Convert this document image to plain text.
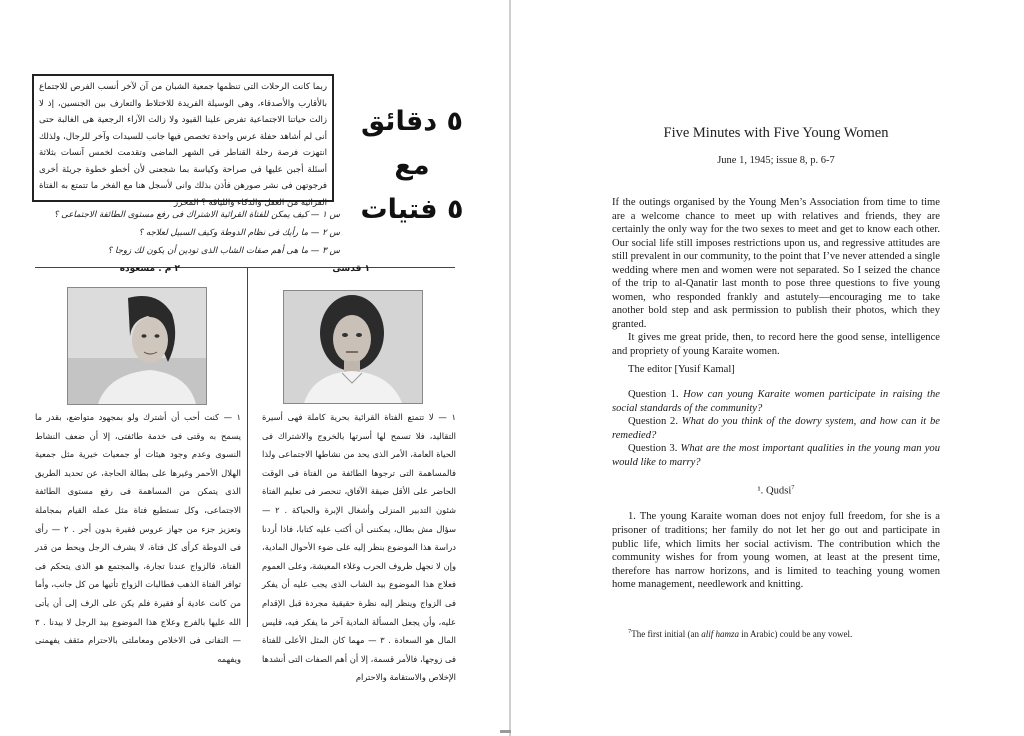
ربما كانت الرحلات التى تنظمها جمعية الشبان من آن لآخر أنسب الفرص للاجتماع بالأقارب والأصدقاء، وهى الوسيلة الفريدة للاختلاط والتعارف بين الجنسين، إذ لا زالت حياتنا الاجتماعية تفرض علينا القيود ولا زالت الآراء الرجعية هى الغالبة حتى أنى لم أشاهد حفلة عرس واحدة تخصص فيها جانب للسيدات وآخر للرجال، ولذلك انتهزت فرصة رحلة القناطر فى الشهر الماضى وتقدمت لخمس آنسات بثلاثة أسئلة أجبن عليها فى صراحة وكياسة بما شجعنى لأن أخطو خطوة جريئة أخرى فرجوتهن فى نشر صورهن فأذن بذلك وانى لأسجل هنا مع الفخر ما تتمتع به الفتاة القرائية من العقل والذكاء واللياقة ؟ المحرر

٥ دقائق
مع
٥ فتيات
س ١ — كيف يمكن للفتاة القرائية الاشتراك فى رفع مستوى الطائفة الاجتماعى ؟
س ٢ — ما رأيك فى نظام الدوطة وكيف السبيل لعلاجه ؟
س ٣ — ما هى أهم صفات الشاب الذى تودين أن يكون لك زوجا ؟
١ قدسى
٢ م . مسعوده

١ — لا تتمتع الفتاة القرائية بحرية كاملة فهى أسيرة التقاليد، فلا تسمح لها أسرتها بالخروج والاشتراك فى الحياة العامة، الأمر الذى يحد من نشاطها الاجتماعى ولذا فالمساهمة التى ترجوها الطائفة من الفتاة فى الوقت الحاضر على الأقل ضيقة الآفاق، تنحصر فى تعليم الفتاة شئون التدبير المنزلى وأشغال الإبرة والحياكة . ٢ — سؤال مش بطال، يمكننى أن أكتب عليه كتابا، فاذا أردنا دراسة هذا الموضوع بنظر إليه على ضوء الأحوال المادية، وإن لا نجهل ظروف الحرب وغلاء المعيشة، وعلى العموم فعلاج هذا الموضوع بيد الشاب الذى يجب عليه أن يفكر فى الزواج وينظر إليه نظرة حقيقية مجردة قبل الإقدام عليه، وأن يجعل المسألة المادية آخر ما يفكر فيه، فليس المال هو السعادة . ٣ — مهما كان المثل الأعلى للفتاة فى زوجها، فالأمر قسمة، إلا أن أهم الصفات التى أنشدها الإخلاص والاستقامة والاحترام

١ — كنت أحب أن أشترك ولو بمجهود متواضع، بقدر ما يسمح به وقتى فى خدمة طائفتى، إلا أن ضعف النشاط النسوى وعدم وجود هيئات أو جمعيات خيرية مثل جمعية الهلال الأحمر وغيرها على بطالة الحاجة، عن تحديد الطريق الذى يتمكن من المساهمة فى رفع مستوى الطائفة الاجتماعى، وكل تستطيع فتاة مثل عمله القيام بمجاملة وتعزيز جزء من جهاز عروس فقيرة بدون أجر . ٢ — رأى فى الدوطة كرأى كل فتاة، لا يشرف الرجل ويحط من قدر الفتاة، فالزواج عندنا تجارة، والمجتمع هو الذى يتحكم فى توافر الفتاة الذهب فطالبات الزواج تأتيها من كل جانب، وأما من كانت عادية أو فقيرة فلم يكن على الرف إلى أن يأتى الله عليها بالفرج وعلاج هذا الموضوع بيد الرجل لا بيدنا . ٣ — التفانى فى الاخلاص ومعاملتى بالاحترام مثقف يفهمنى ويفهمه

Five Minutes with Five Young Women
June 1, 1945; issue 8, p. 6-7

If the outings organised by the Young Men’s Association from time to time are a welcome chance to meet up with relatives and friends, they are certainly the only way for the two sexes to meet and get to know each other. Our social life still imposes restrictions upon us, and regressive attitudes are still prevalent in our community, to the point that I’ve never attended a single wedding where men and women were not separated. So I seized the chance of the trip to al-Qanatir last month to pose three questions to five young women, who responded frankly and astutely—encouraging me to take another bold step and ask permission to publish their photos, which they granted.

It gives me great pride, then, to record here the good sense, intelligence and propriety of young Karaite women.

The editor [Yusif Kamal]

Question 1. How can young Karaite women participate in raising the social standards of the community?

Question 2. What do you think of the dowry system, and how can it be remedied?

Question 3. What are the most important qualities in the young man you would like to marry?

¹. Qudsi$^7$

1. The young Karaite woman does not enjoy full freedom, for she is a prisoner of traditions; her family do not let her go out and participate in public life, which limits her social activism. The contribution which the community wishes for from young women, at least at the present time, therefore has narrow horizons, and is limited to teaching young women home management, needlework and knitting.

$^7$The first initial (an alif hamza in Arabic) could be any vowel.
